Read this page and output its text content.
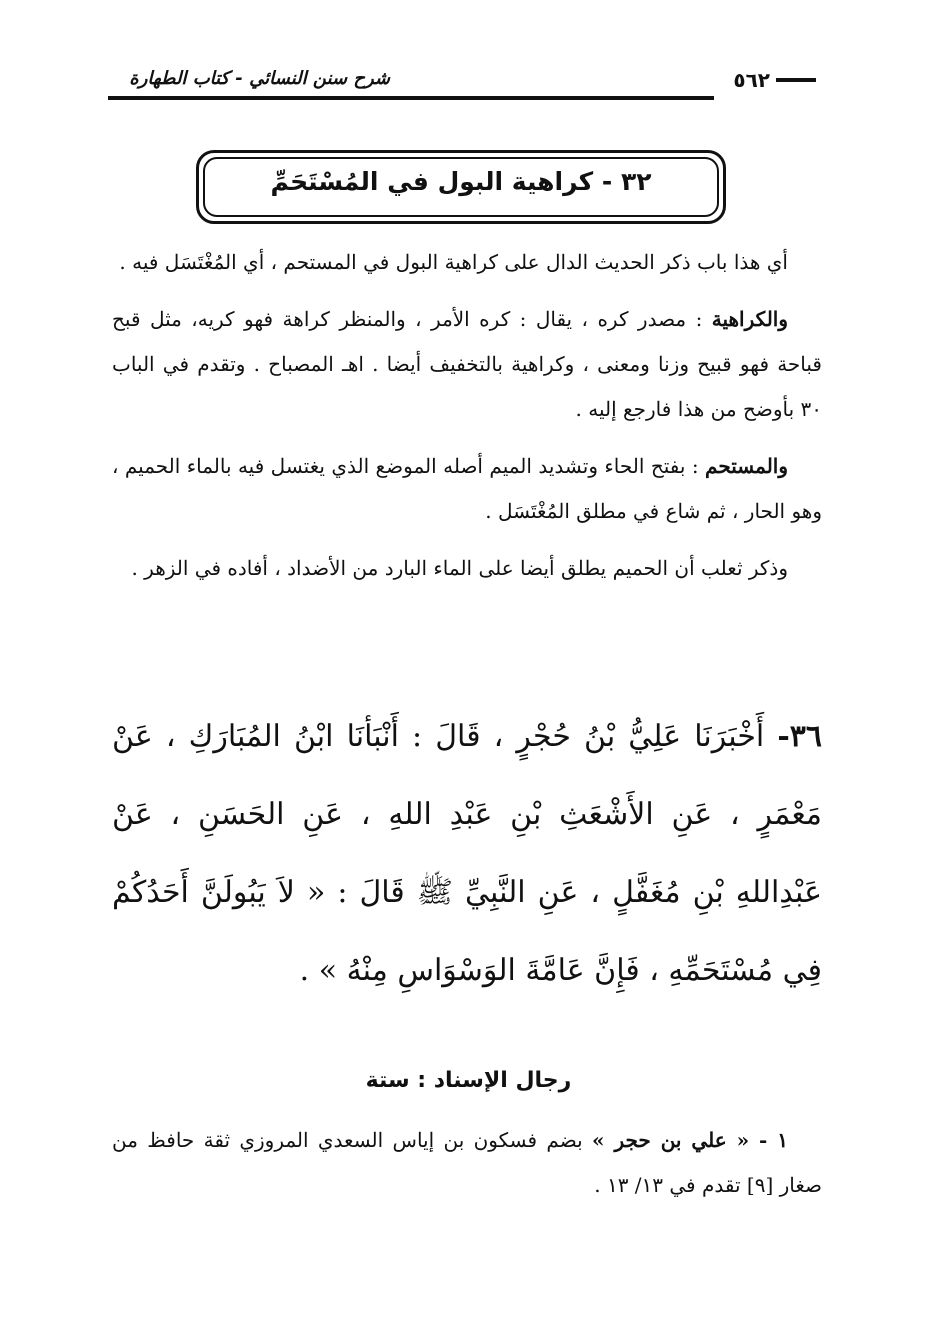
شرح سنن النسائي - كتاب الطهارة	٥٦٢
٣٢ - كراهية البول في المُسْتَحَمِّ

أي هذا باب ذكر الحديث الدال على كراهية البول في المستحم ، أي المُغْتَسَل فيه .

والكراهية : مصدر كره ، يقال : كره الأمر ، والمنظر كراهة فهو كريه، مثل قبح قباحة فهو قبيح وزنا ومعنى ، وكراهية بالتخفيف أيضا . اهـ المصباح . وتقدم في الباب ٣٠ بأوضح من هذا فارجع إليه .

والمستحم : بفتح الحاء وتشديد الميم أصله الموضع الذي يغتسل فيه بالماء الحميم ، وهو الحار ، ثم شاع في مطلق المُغْتَسَل .

وذكر ثعلب أن الحميم يطلق أيضا على الماء البارد من الأضداد ، أفاده في الزهر .

٣٦- أَخْبَرَنَا عَلِيُّ بْنُ حُجْرٍ ، قَالَ : أَنْبَأنَا ابْنُ المُبَارَكِ ، عَنْ مَعْمَرٍ ، عَنِ الأَشْعَثِ بْنِ عَبْدِ اللهِ ، عَنِ الحَسَنِ ، عَنْ عَبْدِاللهِ بْنِ مُغَفَّلٍ ، عَنِ النَّبِيِّ ﷺ قَالَ : « لاَ يَبُولَنَّ أَحَدُكُمْ فِي مُسْتَحَمِّهِ ، فَإِنَّ عَامَّةَ الوَسْوَاسِ مِنْهُ » .

رجال الإسناد : ستة

١ - « علي بن حجر » بضم فسكون بن إياس السعدي المروزي ثقة حافظ من صغار [٩] تقدم في ١٣/ ١٣ .
